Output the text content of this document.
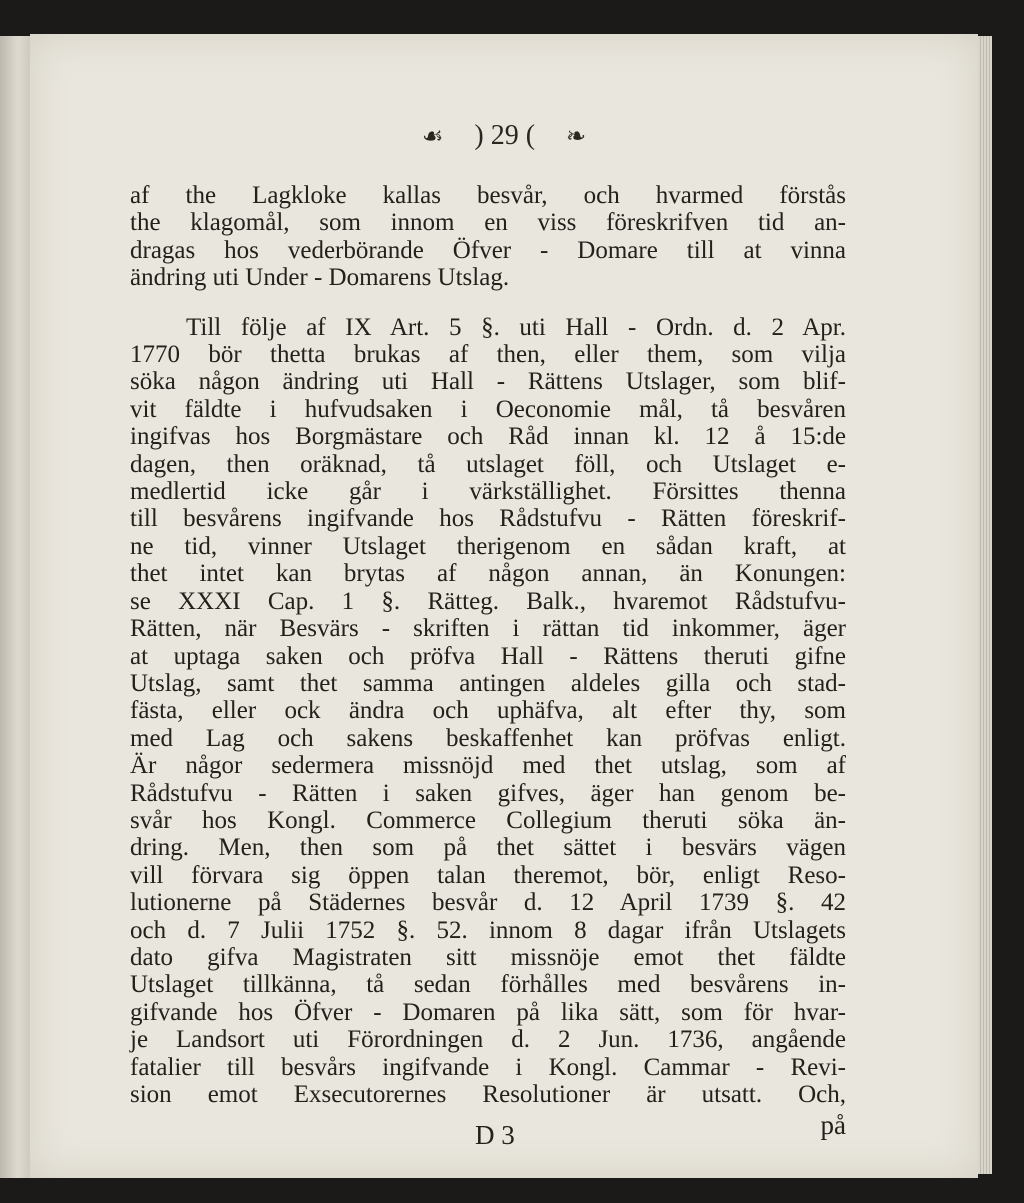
☙ ) 29 ( ❧
af the Lagkloke kallas besvår, och hvarmed förstås
the klagomål, som innom en viss föreskrifven tid an-
dragas hos vederbörande Öfver - Domare till at vinna
ändring uti Under - Domarens Utslag.
Till följe af IX Art. 5 §. uti Hall - Ordn. d. 2 Apr.
1770 bör thetta brukas af then, eller them, som vilja
söka någon ändring uti Hall - Rättens Utslager, som blif-
vit fäldte i hufvudsaken i Oeconomie mål, tå besvåren
ingifvas hos Borgmästare och Råd innan kl. 12 å 15:de
dagen, then oräknad, tå utslaget föll, och Utslaget e-
medlertid icke går i värkställighet. Försittes thenna
till besvårens ingifvande hos Rådstufvu - Rätten föreskrif-
ne tid, vinner Utslaget therigenom en sådan kraft, at
thet intet kan brytas af någon annan, än Konungen:
se XXXI Cap. 1 §. Rätteg. Balk., hvaremot Rådstufvu-
Rätten, när Besvärs - skriften i rättan tid inkommer, äger
at uptaga saken och pröfva Hall - Rättens theruti gifne
Utslag, samt thet samma antingen aldeles gilla och stad-
fästa, eller ock ändra och uphäfva, alt efter thy, som
med Lag och sakens beskaffenhet kan pröfvas enligt.
Är någor sedermera missnöjd med thet utslag, som af
Rådstufvu - Rätten i saken gifves, äger han genom be-
svår hos Kongl. Commerce Collegium theruti söka än-
dring. Men, then som på thet sättet i besvärs vägen
vill förvara sig öppen talan theremot, bör, enligt Reso-
lutionerne på Städernes besvår d. 12 April 1739 §. 42
och d. 7 Julii 1752 §. 52. innom 8 dagar ifrån Utslagets
dato gifva Magistraten sitt missnöje emot thet fäldte
Utslaget tillkänna, tå sedan förhålles med besvårens in-
gifvande hos Öfver - Domaren på lika sätt, som för hvar-
je Landsort uti Förordningen d. 2 Jun. 1736, angående
fatalier till besvårs ingifvande i Kongl. Cammar - Revi-
sion emot Exsecutorernes Resolutioner är utsatt. Och,
D 3	på
